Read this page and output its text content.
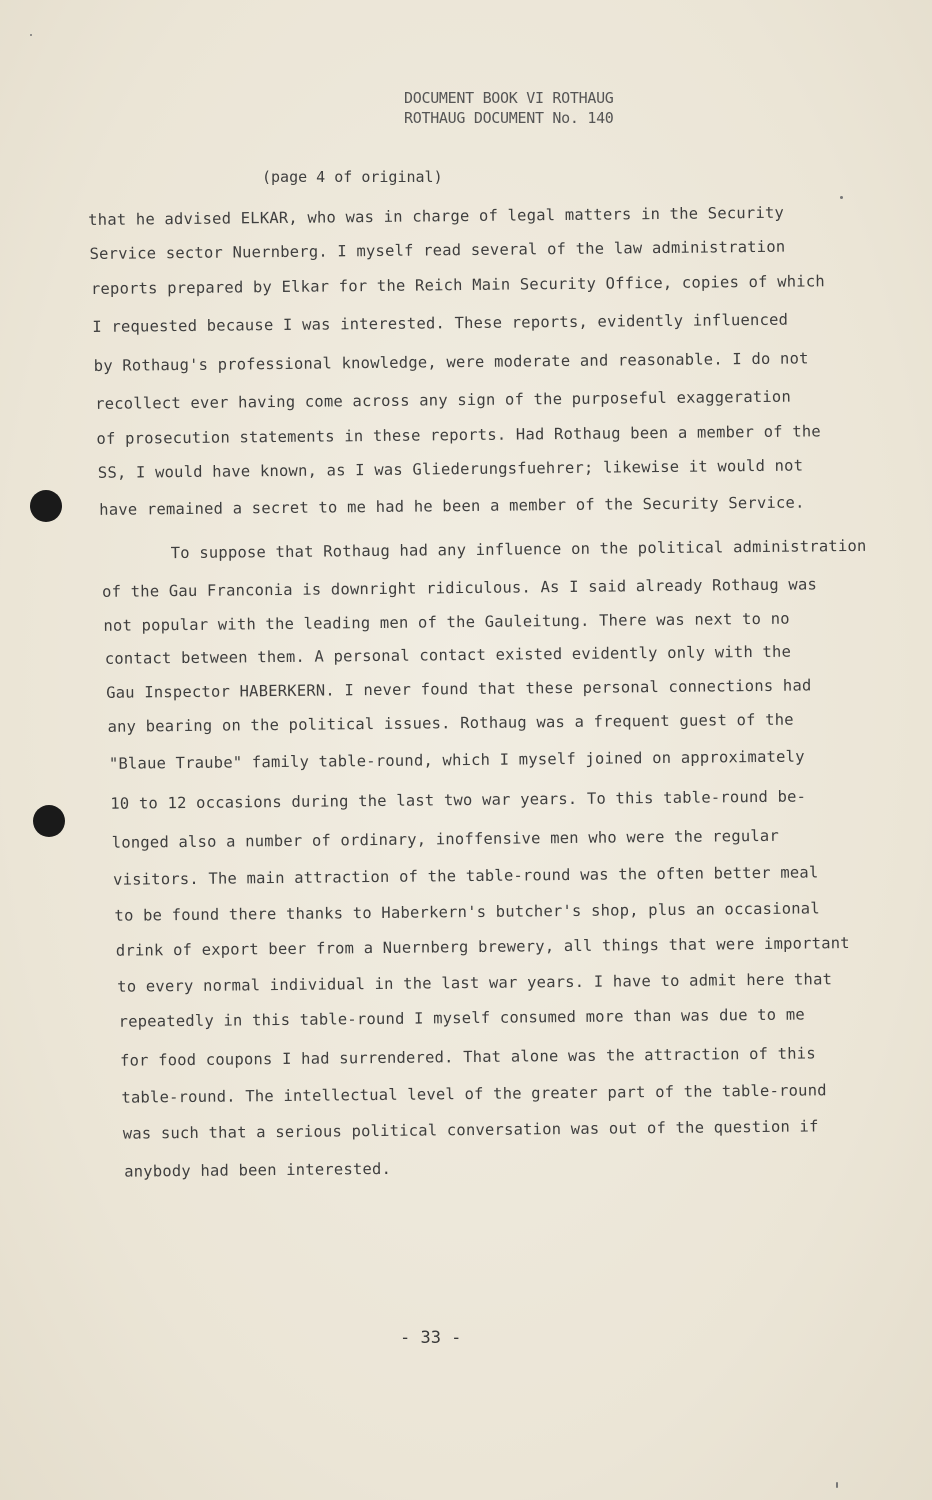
DOCUMENT BOOK VI ROTHAUG
ROTHAUG DOCUMENT No. 140
(page 4 of original)
that he advised ELKAR, who was in charge of legal matters in the Security
Service sector Nuernberg. I myself read several of the law administration
reports prepared by Elkar for the Reich Main Security Office, copies of which
I requested because I was interested. These reports, evidently influenced
by Rothaug's professional knowledge, were moderate and reasonable. I do not
recollect ever having come across any sign of the purposeful exaggeration
of prosecution statements in these reports. Had Rothaug been a member of the
SS, I would have known, as I was Gliederungsfuehrer; likewise it would not
have remained a secret to me had he been a member of the Security Service.
To suppose that Rothaug had any influence on the political administration
of the Gau Franconia is downright ridiculous. As I said already Rothaug was
not popular with the leading men of the Gauleitung. There was next to no
contact between them. A personal contact existed evidently only with the
Gau Inspector HABERKERN. I never found that these personal connections had
any bearing on the political issues. Rothaug was a frequent guest of the
"Blaue Traube" family table-round, which I myself joined on approximately
10 to 12 occasions during the last two war years. To this table-round be-
longed also a number of ordinary, inoffensive men who were the regular
visitors. The main attraction of the table-round was the often better meal
to be found there thanks to Haberkern's butcher's shop, plus an occasional
drink of export beer from a Nuernberg brewery, all things that were important
to every normal individual in the last war years. I have to admit here that
repeatedly in this table-round I myself consumed more than was due to me
for food coupons I had surrendered. That alone was the attraction of this
table-round. The intellectual level of the greater part of the table-round
was such that a serious political conversation was out of the question if
anybody had been interested.
- 33 -
